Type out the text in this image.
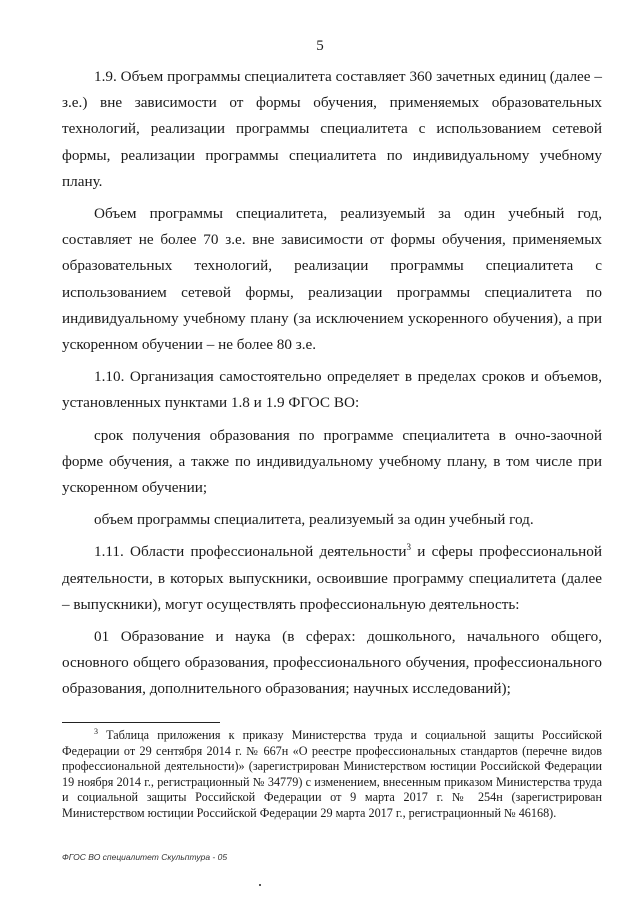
5

1.9. Объем программы специалитета составляет 360 зачетных единиц (далее – з.е.) вне зависимости от формы обучения, применяемых образовательных технологий, реализации программы специалитета с использованием сетевой формы, реализации программы специалитета по индивидуальному учебному плану.

Объем программы специалитета, реализуемый за один учебный год, составляет не более 70 з.е. вне зависимости от формы обучения, применяемых образовательных технологий, реализации программы специалитета с использованием сетевой формы, реализации программы специалитета по индивидуальному учебному плану (за исключением ускоренного обучения), а при ускоренном обучении – не более 80 з.е.

1.10. Организация самостоятельно определяет в пределах сроков и объемов, установленных пунктами 1.8 и 1.9 ФГОС ВО:

срок получения образования по программе специалитета в очно-заочной форме обучения, а также по индивидуальному учебному плану, в том числе при ускоренном обучении;

объем программы специалитета, реализуемый за один учебный год.

1.11. Области профессиональной деятельности$^3$ и сферы профессиональной деятельности, в которых выпускники, освоившие программу специалитета (далее – выпускники), могут осуществлять профессиональную деятельность:

01 Образование и наука (в сферах: дошкольного, начального общего, основного общего образования, профессионального обучения, профессионального образования, дополнительного образования; научных исследований);

$^3$ Таблица приложения к приказу Министерства труда и социальной защиты Российской Федерации от 29 сентября 2014 г. № 667н «О реестре профессиональных стандартов (перечне видов профессиональной деятельности)» (зарегистрирован Министерством юстиции Российской Федерации 19 ноября 2014 г., регистрационный № 34779) с изменением, внесенным приказом Министерства труда и социальной защиты Российской Федерации от 9 марта 2017 г. № 254н (зарегистрирован Министерством юстиции Российской Федерации 29 марта 2017 г., регистрационный № 46168).

ФГОС ВО специалитет Скульптура - 05
